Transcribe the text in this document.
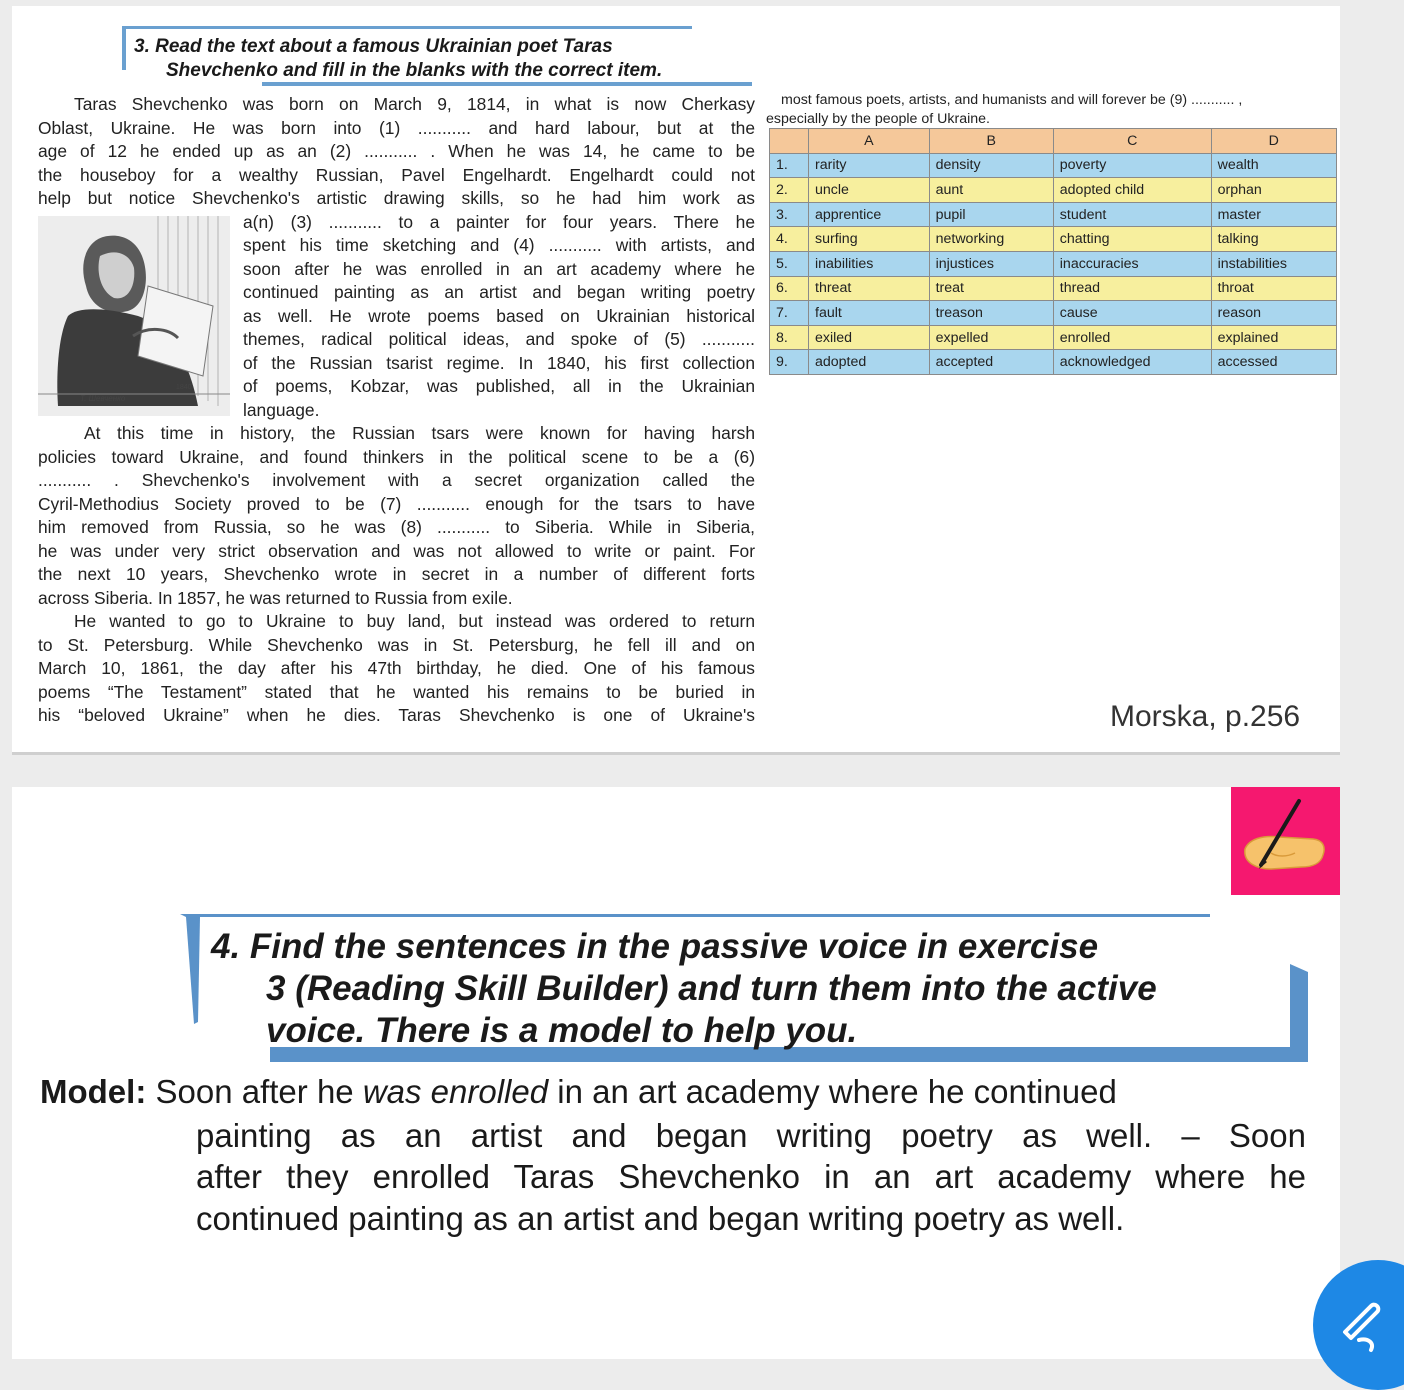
3. Read the text about a famous Ukrainian poet Taras
Shevchenko and fill in the blanks with the correct item.
Т. Шевченко
1840
Taras Shevchenko was born on March 9, 1814, in what is now Cherkasy
Oblast, Ukraine. He was born into (1) ........... and hard labour, but at the
age of 12 he ended up as an (2) ........... . When he was 14, he came to be
the houseboy for a wealthy Russian, Pavel Engelhardt. Engelhardt could not
help but notice Shevchenko's artistic drawing skills, so he had him work as
a(n) (3) ........... to a painter for four years. There he
spent his time sketching and (4) ........... with artists, and
soon after he was enrolled in an art academy where he
continued painting as an artist and began writing poetry
as well. He wrote poems based on Ukrainian historical
themes, radical political ideas, and spoke of (5) ...........
of the Russian tsarist regime. In 1840, his first collection
of poems, Kobzar, was published, all in the Ukrainian
language.
At this time in history, the Russian tsars were known for having harsh
policies toward Ukraine, and found thinkers in the political scene to be a (6)
........... . Shevchenko's involvement with a secret organization called the
Cyril-Methodius Society proved to be (7) ........... enough for the tsars to have
him removed from Russia, so he was (8) ........... to Siberia. While in Siberia,
he was under very strict observation and was not allowed to write or paint. For
the next 10 years, Shevchenko wrote in secret in a number of different forts
across Siberia. In 1857, he was returned to Russia from exile.
He wanted to go to Ukraine to buy land, but instead was ordered to return
to St. Petersburg. While Shevchenko was in St. Petersburg, he fell ill and on
March 10, 1861, the day after his 47th birthday, he died. One of his famous
poems “The Testament” stated that he wanted his remains to be buried in
his “beloved Ukraine” when he dies. Taras Shevchenko is one of Ukraine's
most famous poets, artists, and humanists and will forever be (9) ........... ,
especially by the people of Ukraine.
	A	B	C	D
1.	rarity	density	poverty	wealth
2.	uncle	aunt	adopted child	orphan
3.	apprentice	pupil	student	master
4.	surfing	networking	chatting	talking
5.	inabilities	injustices	inaccuracies	instabilities
6.	threat	treat	thread	throat
7.	fault	treason	cause	reason
8.	exiled	expelled	enrolled	explained
9.	adopted	accepted	acknowledged	accessed
Morska, p.256
4. Find the sentences in the passive voice in exercise
3 (Reading Skill Builder) and turn them into the active
voice. There is a model to help you.
Model: Soon after he was enrolled in an art academy where he continued
painting as an artist and began writing poetry as well. – Soon
after they enrolled Taras Shevchenko in an art academy where he
continued painting as an artist and began writing poetry as well.
